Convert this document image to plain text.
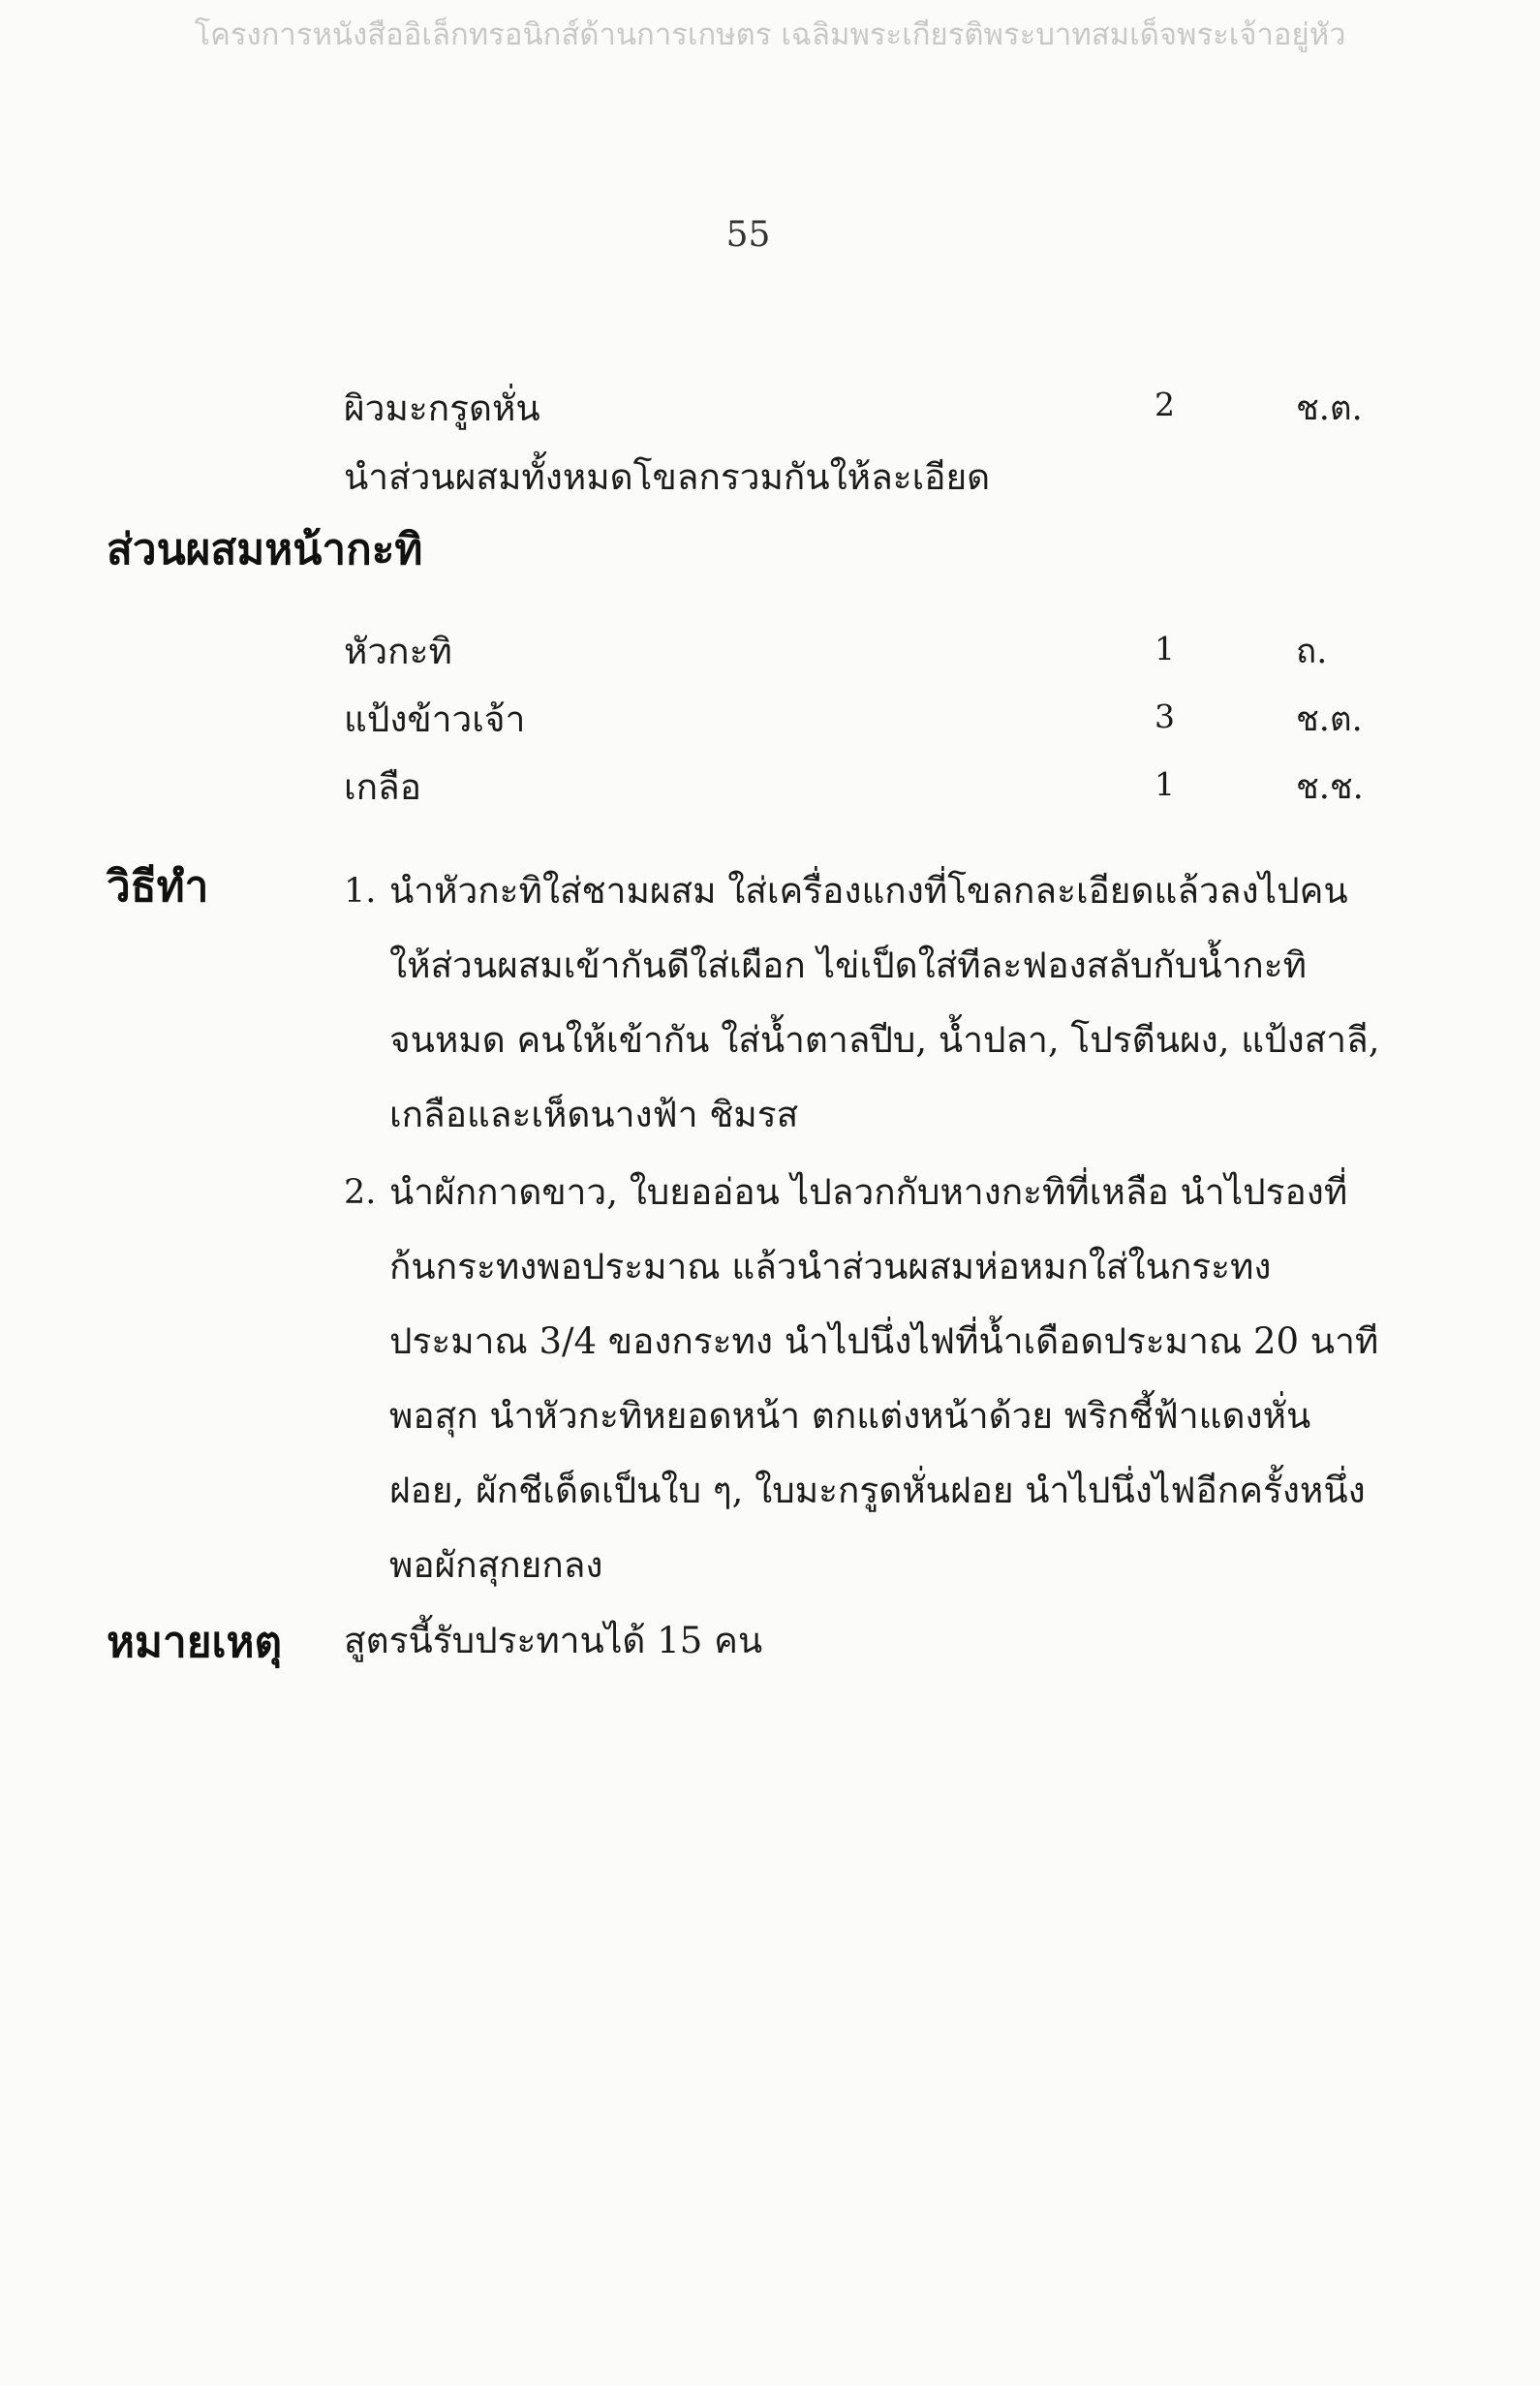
โครงการหนังสืออิเล็กทรอนิกส์ด้านการเกษตร เฉลิมพระเกียรติพระบาทสมเด็จพระเจ้าอยู่หัว
55
ผิวมะกรูดหั่น	2	ช.ต.
นำส่วนผสมทั้งหมดโขลกรวมกันให้ละเอียด
ส่วนผสมหน้ากะทิ
หัวกะทิ	1	ถ.
แป้งข้าวเจ้า	3	ช.ต.
เกลือ	1	ช.ช.
วิธีทำ	1. นำหัวกะทิใส่ชามผสม ใส่เครื่องแกงที่โขลกละเอียดแล้วลงไปคน
ให้ส่วนผสมเข้ากันดีใส่เผือก ไข่เป็ดใส่ทีละฟองสลับกับน้ำกะทิ
จนหมด คนให้เข้ากัน ใส่น้ำตาลปีบ, น้ำปลา, โปรตีนผง, แป้งสาลี,
เกลือและเห็ดนางฟ้า ชิมรส
2. นำผักกาดขาว, ใบยออ่อน ไปลวกกับหางกะทิที่เหลือ นำไปรองที่
ก้นกระทงพอประมาณ แล้วนำส่วนผสมห่อหมกใส่ในกระทง
ประมาณ 3/4 ของกระทง นำไปนึ่งไฟที่น้ำเดือดประมาณ 20 นาที
พอสุก นำหัวกะทิหยอดหน้า ตกแต่งหน้าด้วย พริกชี้ฟ้าแดงหั่น
ฝอย, ผักชีเด็ดเป็นใบ ๆ, ใบมะกรูดหั่นฝอย นำไปนึ่งไฟอีกครั้งหนึ่ง
พอผักสุกยกลง
หมายเหตุ สูตรนี้รับประทานได้ 15 คน
